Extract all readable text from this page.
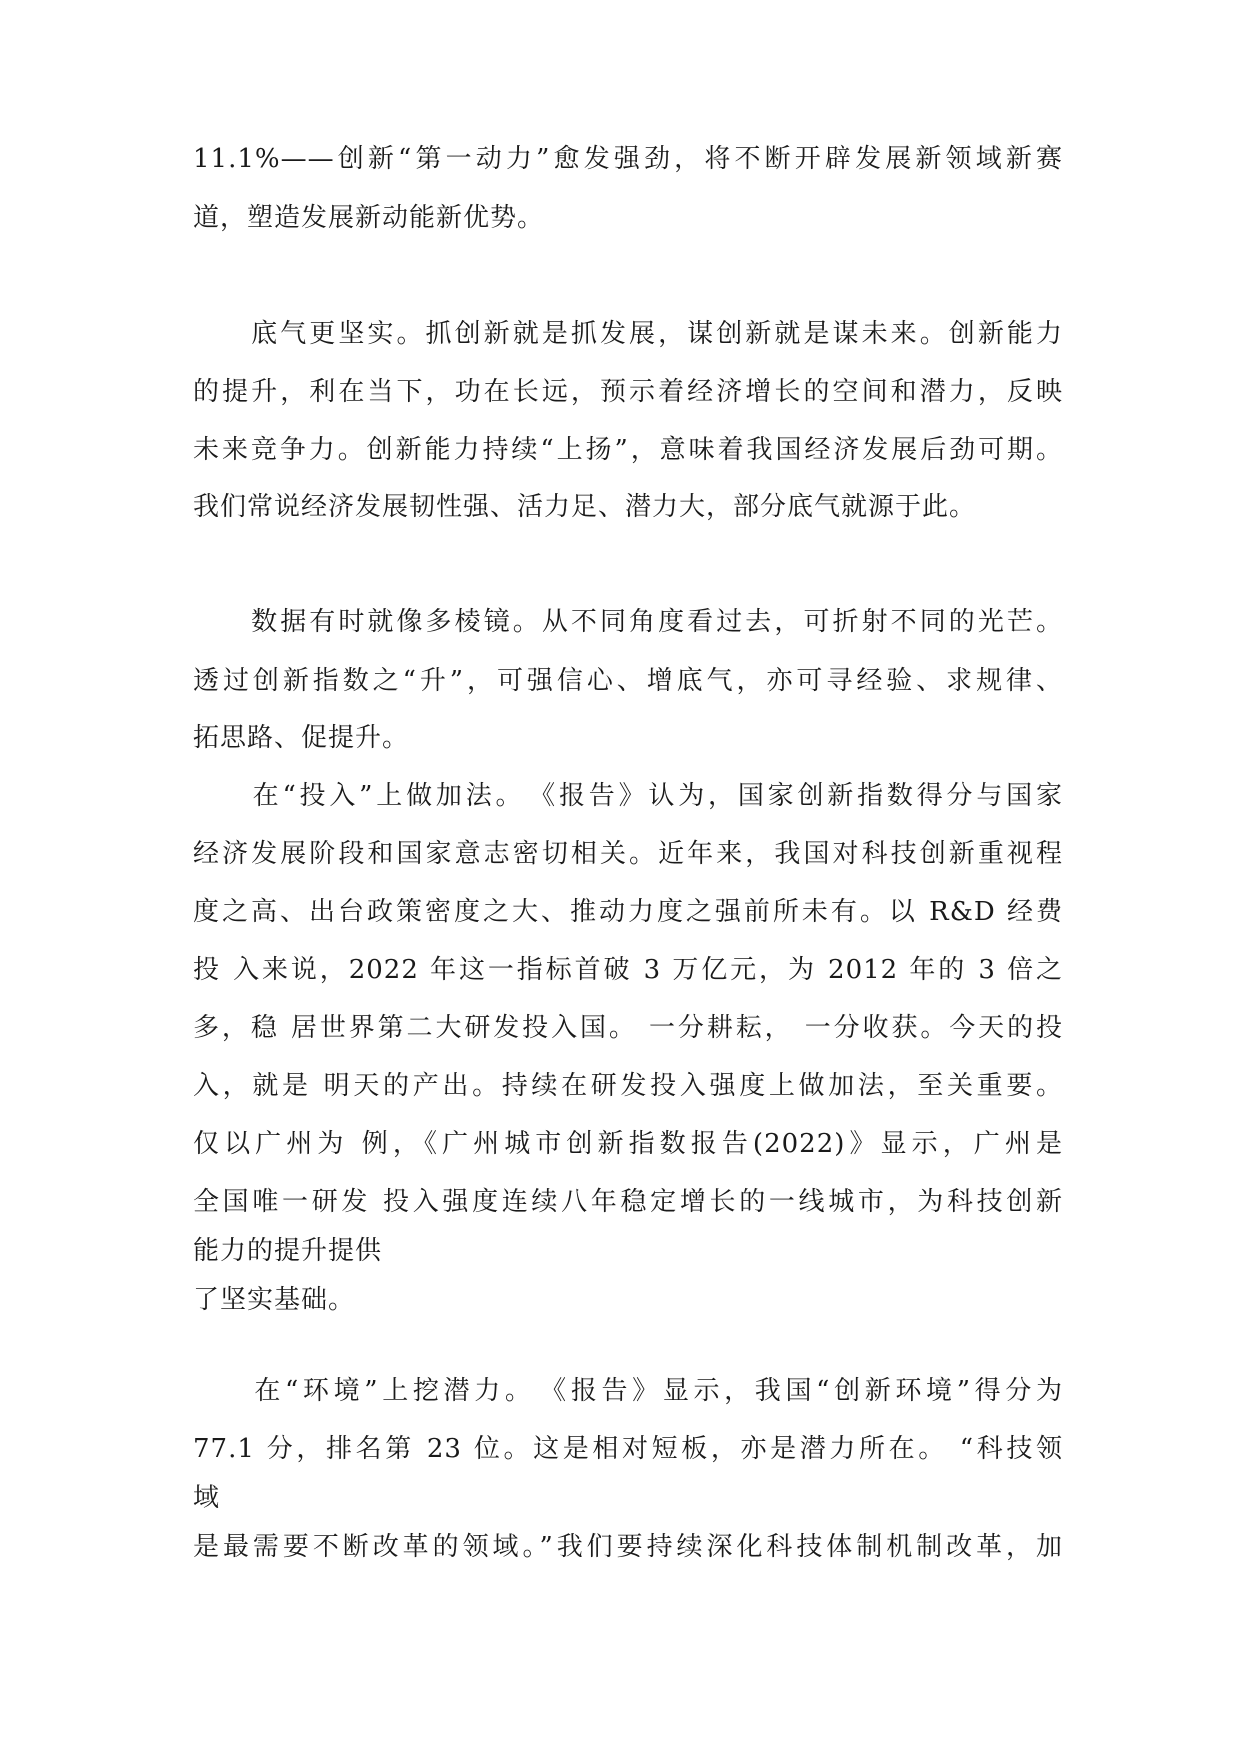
11.1%——创新“第一动力”愈发强劲，将不断开辟发展新领域新赛
道，塑造发展新动能新优势。
　　底气更坚实。抓创新就是抓发展，谋创新就是谋未来。创新能力
的提升，利在当下，功在长远，预示着经济增长的空间和潜力，反映
未来竞争力。创新能力持续“上扬”，意味着我国经济发展后劲可期。
我们常说经济发展韧性强、活力足、潜力大，部分底气就源于此。
　　数据有时就像多棱镜。从不同角度看过去，可折射不同的光芒。
透过创新指数之“升”，可强信心、增底气，亦可寻经验、求规律、
拓思路、促提升。
　　在“投入”上做加法。　《报告》认为，国家创新指数得分与国家
经济发展阶段和国家意志密切相关。近年来，我国对科技创新重视程
度之高、出台政策密度之大、推动力度之强前所未有。以 R&D 经费
投 入来说，2022 年这一指标首破 3 万亿元，为 2012 年的 3 倍之
多，稳 居世界第二大研发投入国。 一分耕耘， 一分收获。今天的投
入，就是 明天的产出。持续在研发投入强度上做加法，至关重要。
仅以广州为 例，《广州城市创新指数报告(2022)》显示，广州是
全国唯一研发 投入强度连续八年稳定增长的一线城市，为科技创新
能力的提升提供
了坚实基础。
　　在“环境”上挖潜力。　《报告》显示，我国“创新环境”得分为
77.1 分，排名第 23 位。这是相对短板，亦是潜力所在。 “科技领
域
是最需要不断改革的领域。”我们要持续深化科技体制机制改革，加
